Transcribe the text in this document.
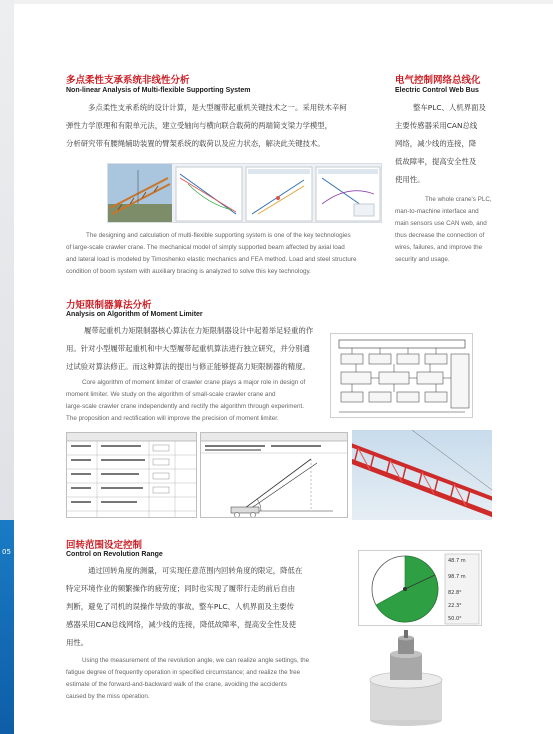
05
多点柔性支承系统非线性分析
Non-linear Analysis of Multi-flexible Supporting System
多点柔性支承系统的设计计算，是大型履带起重机关键技术之一。采用铁木辛柯
弹性力学原理和有限单元法，建立受轴向与横向联合载荷的两端简支梁力学模型，
分析研究带有腰绳辅助装置的臂架系统的载荷以及应力状态，解决此关键技术。
The designing and calculation of multi-flexible supporting system is one of the key technologies
of large-scale crawler crane. The mechanical model of simply supported beam affected by axial load
and lateral load is modeled by Timoshenko elastic mechanics and FEA method. Load and steel structure
condition of boom system with auxiliary bracing is analyzed to solve this key technology.
电气控制网络总线化
Electric Control Web Bus
整车PLC、人机界面及
主要传感器采用CAN总线
网络，减少线的连接，降
低故障率，提高安全性及
使用性。
The whole crane's PLC,
man-to-machine interface and
main sensors use CAN web, and
thus decrease the connection of
wires, failures, and improve the
security and usage.
力矩限制器算法分析
Analysis on Algorithm of Moment Limiter
履带起重机力矩限制器核心算法在力矩限制器设计中起着举足轻重的作
用。针对小型履带起重机和中大型履带起重机算法进行独立研究，并分别通
过试验对算法修正。而这种算法的提出与修正能够提高力矩限制器的精度。
Core algorithm of moment limiter of crawler crane plays a major role in design of
moment limiter. We study on the algorithm of small-scale crawler crane and
large-scale crawler crane independently and rectify the algorithm through experiment.
The proposition and rectification will improve the precision of moment limiter.
回转范围设定控制
Control on Revolution Range
通过回转角度的测量，可实现任意范围内回转角度的限定，降低在
特定环境作业的频繁操作的疲劳度；同时也实现了履带行走的前后自由
判断，避免了司机的误操作导致的事故。整车PLC、人机界面及主要传
感器采用CAN总线网络，减少线的连接，降低故障率，提高安全性及使
用性。
Using the measurement of the revolution angle, we can realize angle settings, the
fatigue degree of frequently operation in specified circumstance; and realize the free
estimate of the forward-and-backward walk of the crane, avoiding the accidents
caused by the miss operation.
48.7 m
98.7 m
82.8°
22.3°
50.0°
